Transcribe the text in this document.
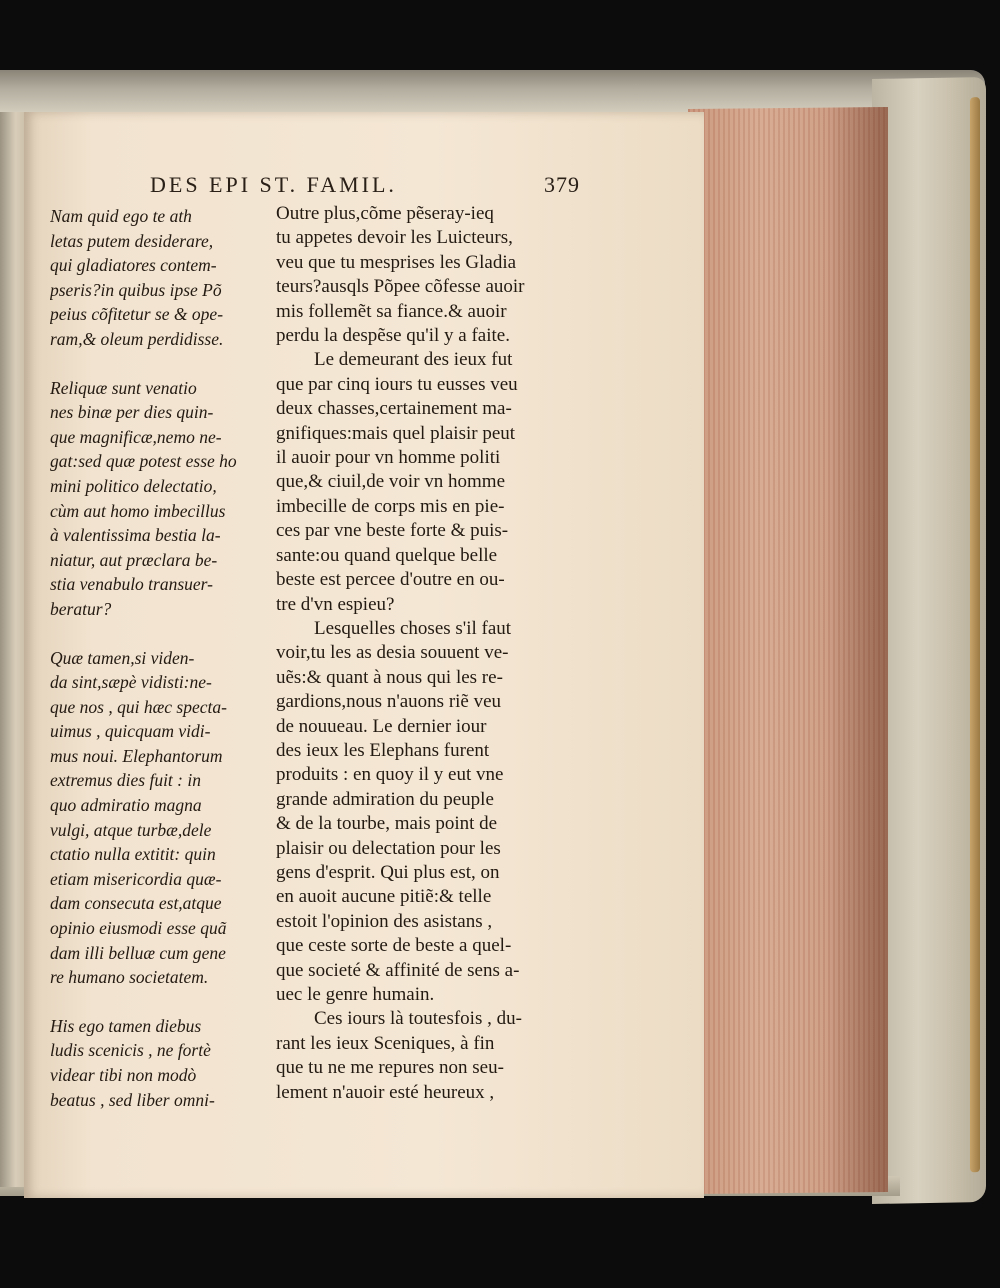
DES EPI ST. FAMIL.	379
Nam quid ego te ath
letas putem desiderare,
qui gladiatores contem-
pseris?in quibus ipse Põ
peius cõfitetur se & ope-
ram,& oleum perdidisse.
Reliquæ sunt venatio
nes binæ per dies quin-
que magnificæ,nemo ne-
gat:sed quæ potest esse ho
mini politico delectatio,
cùm aut homo imbecillus
à valentissima bestia la-
niatur, aut præclara be-
stia venabulo transuer-
beratur?
Quæ tamen,si viden-
da sint,sæpè vidisti:ne-
que nos , qui hæc specta-
uimus , quicquam vidi-
mus noui. Elephantorum
extremus dies fuit : in
quo admiratio magna
vulgi, atque turbæ,dele
ctatio nulla extitit: quin
etiam misericordia quæ-
dam consecuta est,atque
opinio eiusmodi esse quã
dam illi belluæ cum gene
re humano societatem.
His ego tamen diebus
ludis scenicis , ne fortè
videar tibi non modò
beatus , sed liber omni-
Outre plus,cõme pẽseray-ieq
tu appetes devoir les Luicteurs,
veu que tu mesprises les Gladia
teurs?ausqls Põpee cõfesse auoir
mis follemẽt sa fiance.& auoir
perdu la despẽse qu'il y a faite.
Le demeurant des ieux fut
que par cinq iours tu eusses veu
deux chasses,certainement ma-
gnifiques:mais quel plaisir peut
il auoir pour vn homme politi
que,& ciuil,de voir vn homme
imbecille de corps mis en pie-
ces par vne beste forte & puis-
sante:ou quand quelque belle
beste est percee d'outre en ou-
tre d'vn espieu?
Lesquelles choses s'il faut
voir,tu les as desia souuent ve-
uẽs:& quant à nous qui les re-
gardions,nous n'auons riẽ veu
de nouueau. Le dernier iour
des ieux les Elephans furent
produits : en quoy il y eut vne
grande admiration du peuple
& de la tourbe, mais point de
plaisir ou delectation pour les
gens d'esprit. Qui plus est, on
en auoit aucune pitiẽ:& telle
estoit l'opinion des asistans ,
que ceste sorte de beste a quel-
que societé & affinité de sens a-
uec le genre humain.
Ces iours là toutesfois , du-
rant les ieux Sceniques, à fin
que tu ne me repures non seu-
lement n'auoir esté heureux ,
